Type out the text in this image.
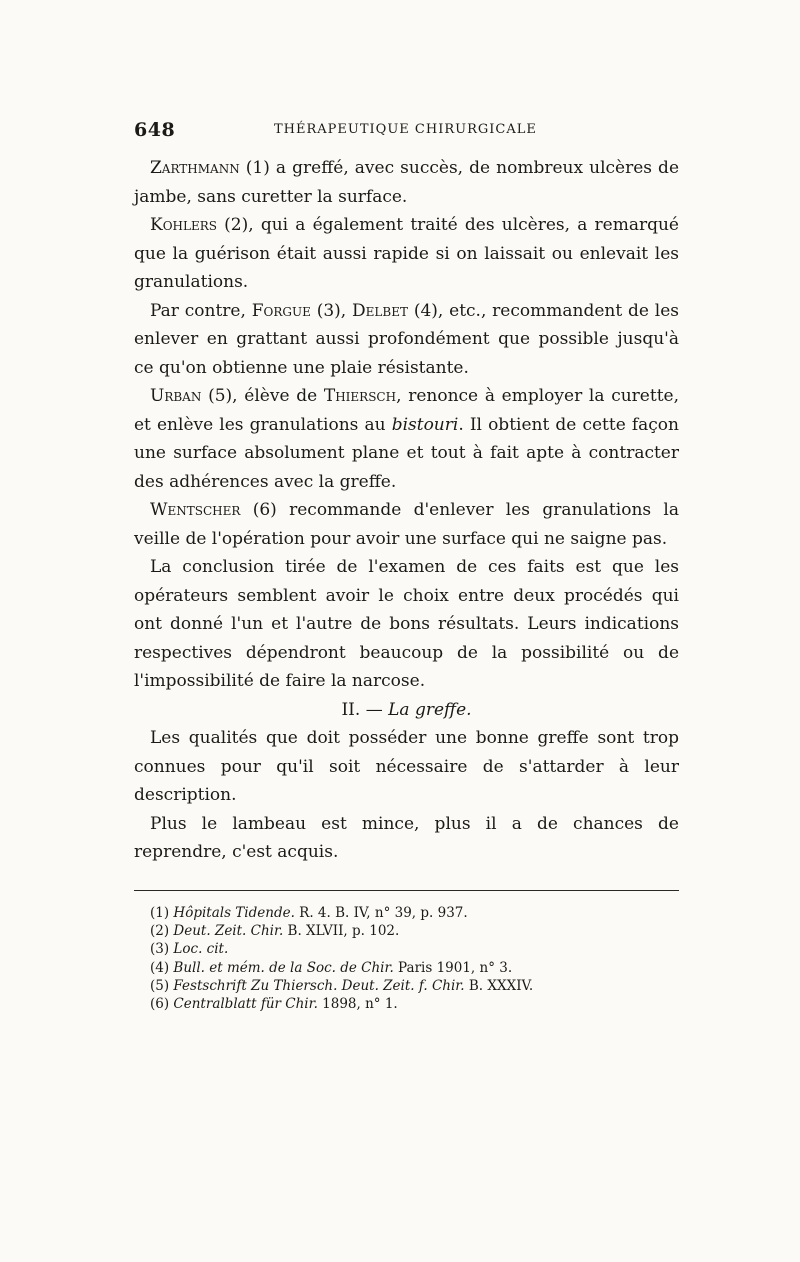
648	THÉRAPEUTIQUE CHIRURGICALE

Zarthmann (1) a greffé, avec succès, de nombreux ulcères de jambe, sans curetter la surface.

Kohlers (2), qui a également traité des ulcères, a remarqué que la guérison était aussi rapide si on laissait ou enlevait les granulations.

Par contre, Forgue (3), Delbet (4), etc., recommandent de les enlever en grattant aussi profondément que possible jusqu'à ce qu'on obtienne une plaie résistante.

Urban (5), élève de Thiersch, renonce à employer la curette, et enlève les granulations au bistouri. Il obtient de cette façon une surface absolument plane et tout à fait apte à contracter des adhérences avec la greffe.

Wentscher (6) recommande d'enlever les granulations la veille de l'opération pour avoir une surface qui ne saigne pas.

La conclusion tirée de l'examen de ces faits est que les opérateurs semblent avoir le choix entre deux procédés qui ont donné l'un et l'autre de bons résultats. Leurs indications respectives dépendront beaucoup de la possibilité ou de l'impossibilité de faire la narcose.

II. — La greffe.

Les qualités que doit posséder une bonne greffe sont trop connues pour qu'il soit nécessaire de s'attarder à leur description.

Plus le lambeau est mince, plus il a de chances de reprendre, c'est acquis.

(1) Hôpitals Tidende. R. 4. B. IV, n° 39, p. 937.

(2) Deut. Zeit. Chir. B. XLVII, p. 102.

(3) Loc. cit.

(4) Bull. et mém. de la Soc. de Chir. Paris 1901, n° 3.

(5) Festschrift Zu Thiersch. Deut. Zeit. f. Chir. B. XXXIV.

(6) Centralblatt für Chir. 1898, n° 1.
